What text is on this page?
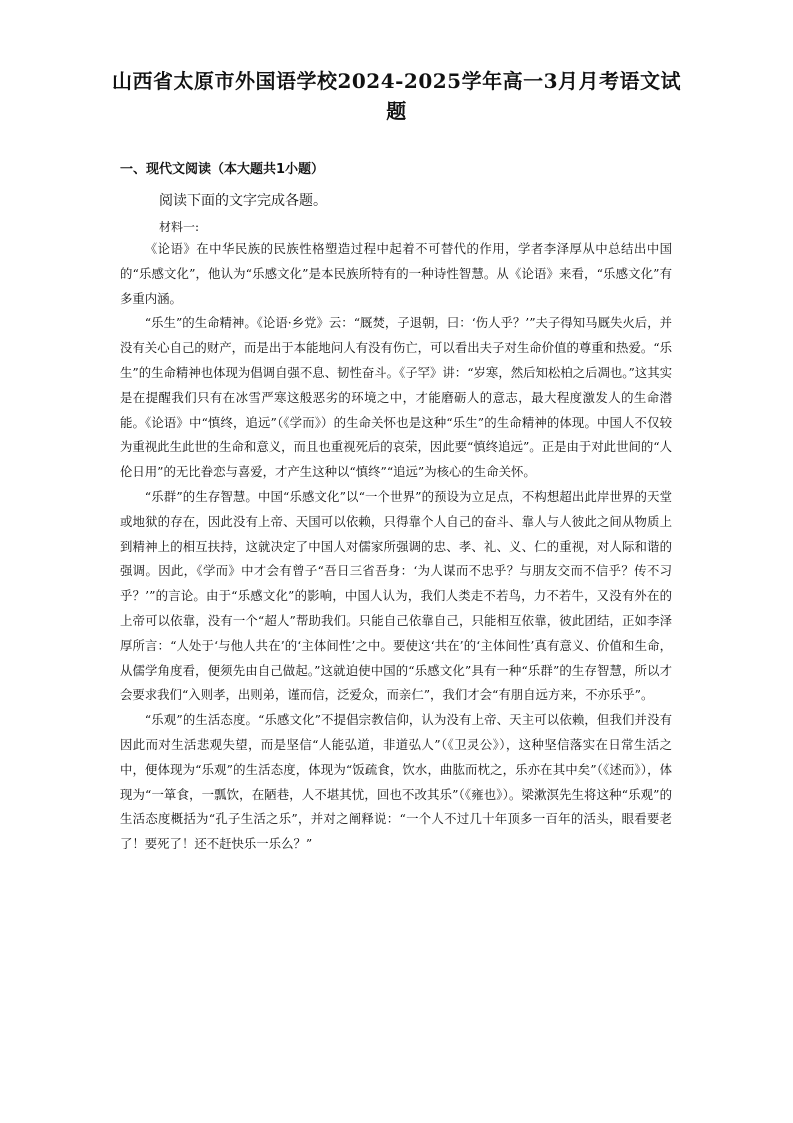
山西省太原市外国语学校2024-2025学年高一3月月考语文试题
一、现代文阅读（本大题共1小题）
阅读下面的文字完成各题。
材料一:

《论语》在中华民族的民族性格塑造过程中起着不可替代的作用，学者李泽厚从中总结出中国的“乐感文化”，他认为“乐感文化”是本民族所特有的一种诗性智慧。从《论语》来看，“乐感文化”有多重内涵。

“乐生”的生命精神。《论语·乡党》云：“厩焚，子退朝，曰：‘伤人乎？’”夫子得知马厩失火后，并没有关心自己的财产，而是出于本能地问人有没有伤亡，可以看出夫子对生命价值的尊重和热爱。“乐生”的生命精神也体现为倡调自强不息、韧性奋斗。《子罕》讲：“岁寒，然后知松柏之后凋也。”这其实是在提醒我们只有在冰雪严寒这般恶劣的环境之中，才能磨砺人的意志，最大程度激发人的生命潜能。《论语》中“慎终，追远”（《学而》）的生命关怀也是这种“乐生”的生命精神的体现。中国人不仅较为重视此生此世的生命和意义，而且也重视死后的哀荣，因此要“慎终追远”。正是由于对此世间的“人伦日用”的无比眷恋与喜爱，才产生这种以“慎终”“追远”为核心的生命关怀。

“乐群”的生存智慧。中国“乐感文化”以“一个世界”的预设为立足点，不构想超出此岸世界的天堂或地狱的存在，因此没有上帝、天国可以依赖，只得靠个人自己的奋斗、靠人与人彼此之间从物质上到精神上的相互扶持，这就决定了中国人对儒家所强调的忠、孝、礼、义、仁的重视，对人际和谐的强调。因此，《学而》中才会有曾子“吾日三省吾身：‘为人谋而不忠乎？与朋友交而不信乎？传不习乎？’”的言论。由于“乐感文化”的影响，中国人认为，我们人类走不若鸟，力不若牛，又没有外在的上帝可以依靠，没有一个“超人”帮助我们。只能自己依靠自己，只能相互依靠，彼此团结，正如李泽厚所言：“人处于‘与他人共在’的‘主体间性’之中。要使这‘共在’的‘主体间性’真有意义、价值和生命，从儒学角度看，便须先由自己做起。”这就迫使中国的“乐感文化”具有一种“乐群”的生存智慧，所以才会要求我们“入则孝，出则弟，谨而信，泛爱众，而亲仁”，我们才会“有朋自远方来，不亦乐乎”。

“乐观”的生活态度。“乐感文化”不提倡宗教信仰，认为没有上帝、天主可以依赖，但我们并没有因此而对生活悲观失望，而是坚信“人能弘道，非道弘人”（《卫灵公》），这种坚信落实在日常生活之中，便体现为“乐观”的生活态度，体现为“饭疏食，饮水，曲肱而枕之，乐亦在其中矣”（《述而》），体现为“一箪食，一瓢饮，在陋巷，人不堪其忧，回也不改其乐”（《雍也》）。梁漱溟先生将这种“乐观”的生活态度概括为“孔子生活之乐”，并对之阐释说：“一个人不过几十年顶多一百年的活头，眼看要老了！要死了！还不赶快乐一乐么？”
